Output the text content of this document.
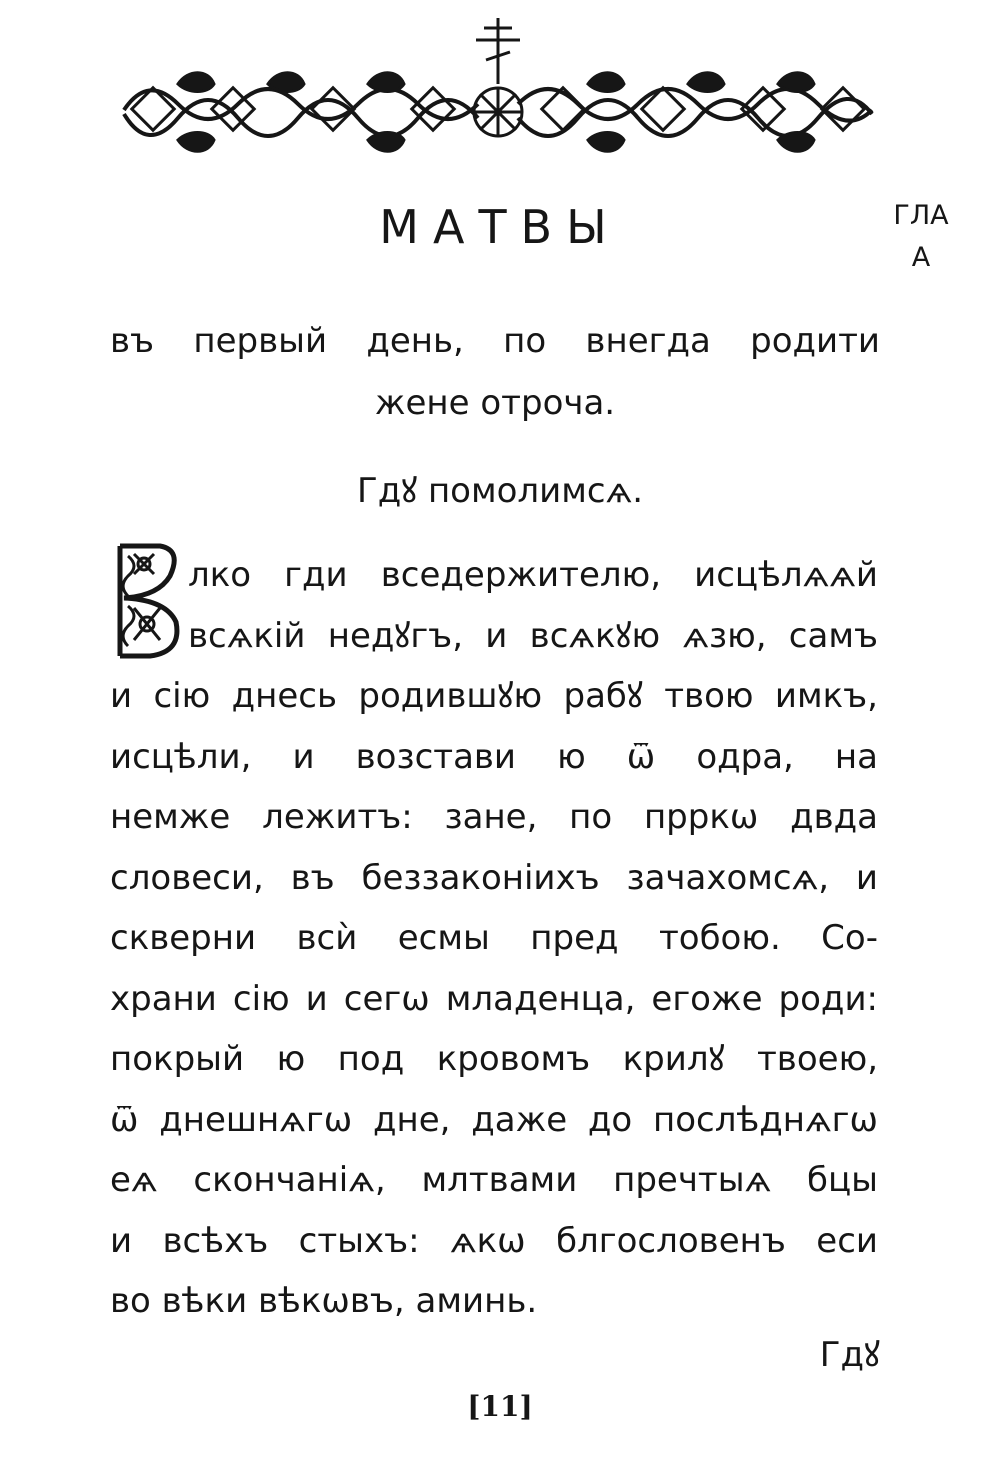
МАТВЫ	ГЛА
А
въ первый день, по внегда родити
жене отроча.
Гдꙋ помолимсѧ.
лко гди вседержителю, исцѣлѧѧй
всѧкій недꙋгъ, и всѧкꙋю ѧзю, самъ
и сію днесь родившꙋю рабꙋ твою имкъ,
исцѣли, и возстави ю ѿ одра, на
немже лежитъ: зане, по прркѡ двда
словеси, въ беззаконіихъ зачахомсѧ, и
скверни всѝ есмы пред тобою. Со-
храни сію и сегѡ младенца, егоже роди:
покрый ю под кровомъ крилꙋ твоею,
ѿ днешнѧгѡ дне, даже до послѣднѧгѡ
еѧ скончаніѧ, млтвами пречтыѧ бцы
и всѣхъ стыхъ: ѧкѡ блгословенъ еси
во вѣки вѣкѡвъ, аминь.
Гдꙋ
[11]
